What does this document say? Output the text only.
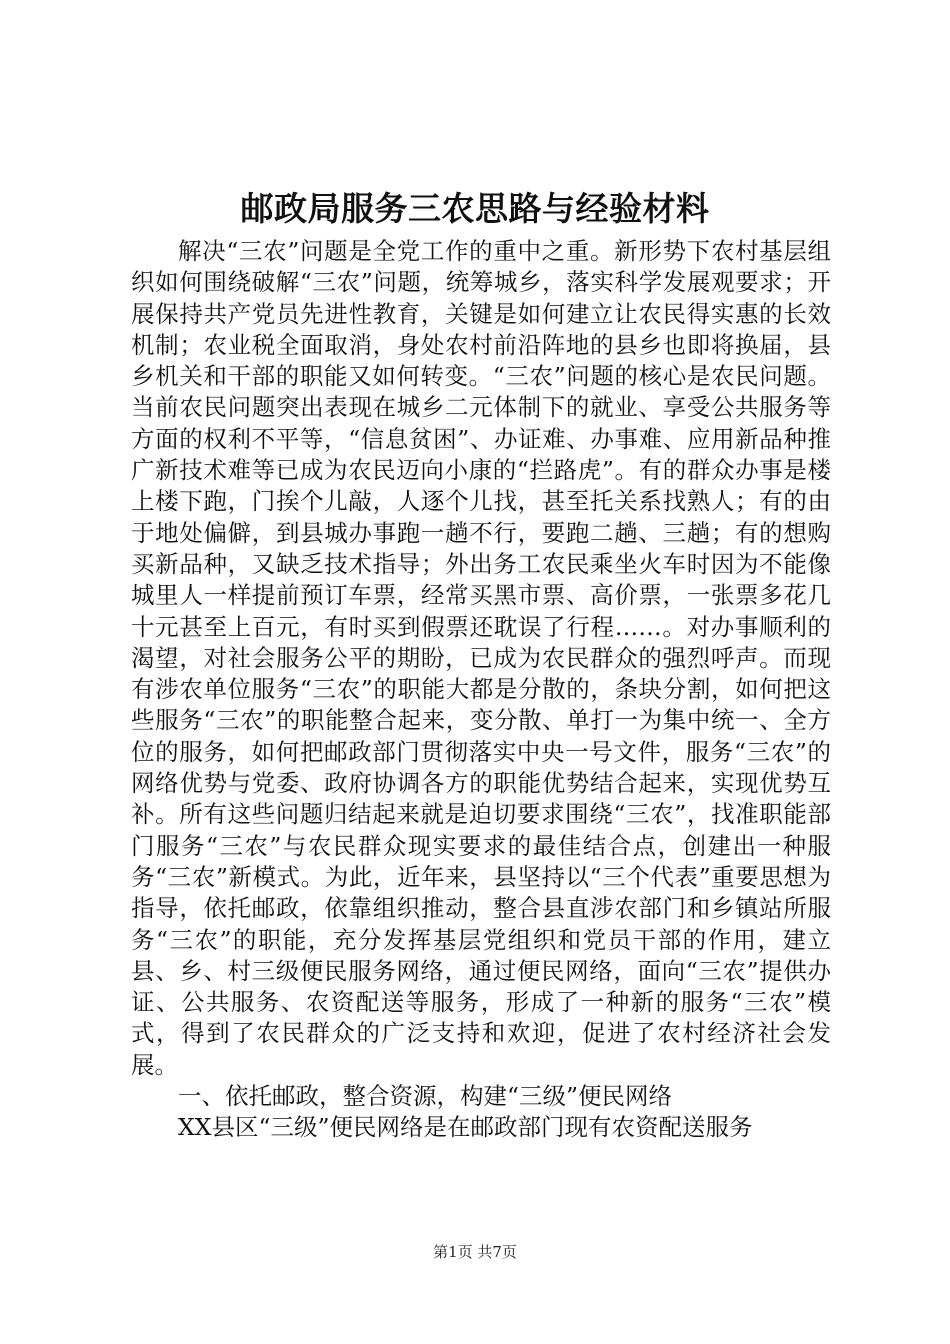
邮政局服务三农思路与经验材料

解决“三农”问题是全党工作的重中之重。新形势下农村基层组织如何围绕破解“三农”问题，统筹城乡，落实科学发展观要求；开展保持共产党员先进性教育，关键是如何建立让农民得实惠的长效机制；农业税全面取消，身处农村前沿阵地的县乡也即将换届，县乡机关和干部的职能又如何转变。“三农”问题的核心是农民问题。当前农民问题突出表现在城乡二元体制下的就业、享受公共服务等方面的权利不平等，“信息贫困”、办证难、办事难、应用新品种推广新技术难等已成为农民迈向小康的“拦路虎”。有的群众办事是楼上楼下跑，门挨个儿敲，人逐个儿找，甚至托关系找熟人；有的由于地处偏僻，到县城办事跑一趟不行，要跑二趟、三趟；有的想购买新品种，又缺乏技术指导；外出务工农民乘坐火车时因为不能像城里人一样提前预订车票，经常买黑市票、高价票，一张票多花几十元甚至上百元，有时买到假票还耽误了行程……。对办事顺利的渴望，对社会服务公平的期盼，已成为农民群众的强烈呼声。而现有涉农单位服务“三农”的职能大都是分散的，条块分割，如何把这些服务“三农”的职能整合起来，变分散、单打一为集中统一、全方位的服务，如何把邮政部门贯彻落实中央一号文件，服务“三农”的网络优势与党委、政府协调各方的职能优势结合起来，实现优势互补。所有这些问题归结起来就是迫切要求围绕“三农”，找准职能部门服务“三农”与农民群众现实要求的最佳结合点，创建出一种服务“三农”新模式。为此，近年来，县坚持以“三个代表”重要思想为指导，依托邮政，依靠组织推动，整合县直涉农部门和乡镇站所服务“三农”的职能，充分发挥基层党组织和党员干部的作用，建立县、乡、村三级便民服务网络，通过便民网络，面向“三农”提供办证、公共服务、农资配送等服务，形成了一种新的服务“三农”模式，得到了农民群众的广泛支持和欢迎，促进了农村经济社会发展。

一、依托邮政，整合资源，构建“三级”便民网络

XX县区“三级”便民网络是在邮政部门现有农资配送服务

第1页 共7页
